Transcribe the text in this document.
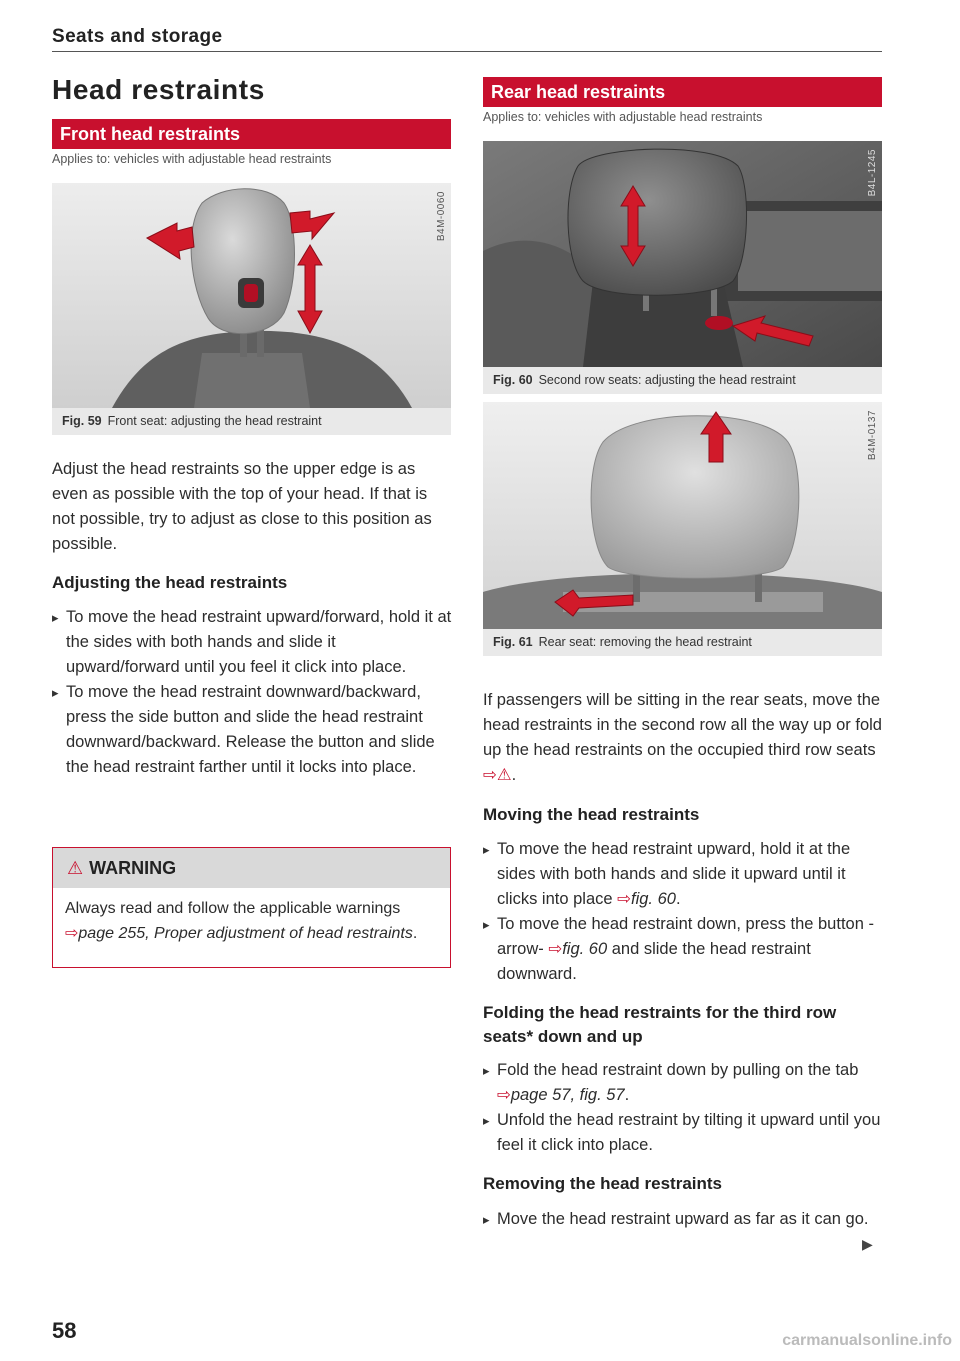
Seats and storage
Head restraints
Front head restraints
Applies to: vehicles with adjustable head restraints
B4M-0060
Fig. 59 Front seat: adjusting the head restraint

Adjust the head restraints so the upper edge is as even as possible with the top of your head. If that is not possible, try to adjust as close to this position as possible.

Adjusting the head restraints
▸ To move the head restraint upward/forward, hold it at the sides with both hands and slide it upward/forward until you feel it click into place.
▸ To move the head restraint downward/backward, press the side button and slide the head restraint downward/backward. Release the button and slide the head restraint farther until it locks into place.
⚠ WARNING
Always read and follow the applicable warnings ⇨page 255, Proper adjustment of head restraints.
58
Rear head restraints
Applies to: vehicles with adjustable head restraints
B4L-1245
Fig. 60 Second row seats: adjusting the head restraint
B4M-0137
Fig. 61 Rear seat: removing the head restraint

If passengers will be sitting in the rear seats, move the head restraints in the second row all the way up or fold up the head restraints on the occupied third row seats ⇨⚠.

Moving the head restraints
▸ To move the head restraint upward, hold it at the sides with both hands and slide it upward until it clicks into place ⇨fig. 60.
▸ To move the head restraint down, press the button -arrow- ⇨fig. 60 and slide the head restraint downward.
Folding the head restraints for the third row seats* down and up
▸ Fold the head restraint down by pulling on the tab ⇨page 57, fig. 57.
▸ Unfold the head restraint by tilting it upward until you feel it click into place.
Removing the head restraints
▸ Move the head restraint upward as far as it can go.
▶
carmanualsonline.info
